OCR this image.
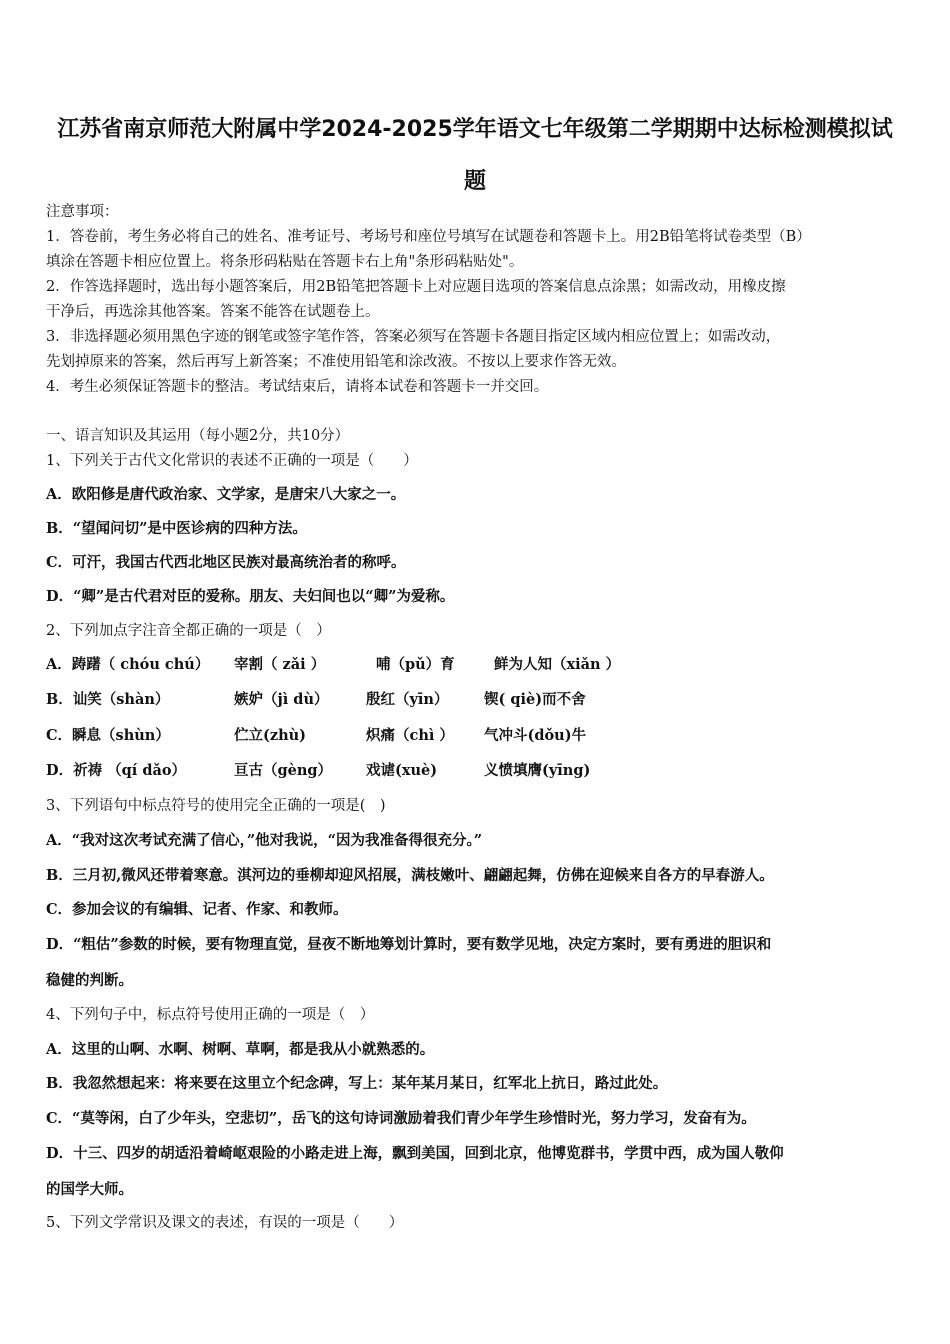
江苏省南京师范大附属中学2024-2025学年语文七年级第二学期期中达标检测模拟试
题
注意事项：
1．答卷前，考生务必将自己的姓名、准考证号、考场号和座位号填写在试题卷和答题卡上。用2B铅笔将试卷类型（B）
填涂在答题卡相应位置上。将条形码粘贴在答题卡右上角"条形码粘贴处"。
2．作答选择题时，选出每小题答案后，用2B铅笔把答题卡上对应题目选项的答案信息点涂黑；如需改动，用橡皮擦
干净后，再选涂其他答案。答案不能答在试题卷上。
3．非选择题必须用黑色字迹的钢笔或签字笔作答，答案必须写在答题卡各题目指定区域内相应位置上；如需改动，
先划掉原来的答案，然后再写上新答案；不准使用铅笔和涂改液。不按以上要求作答无效。
4．考生必须保证答题卡的整洁。考试结束后，请将本试卷和答题卡一并交回。
一、语言知识及其运用（每小题2分，共10分）
1、下列关于古代文化常识的表述不正确的一项是（　　）
A．欧阳修是唐代政治家、文学家，是唐宋八大家之一。
B．“望闻问切”是中医诊病的四种方法。
C．可汗，我国古代西北地区民族对最高统治者的称呼。
D．“卿”是古代君对臣的爱称。朋友、夫妇间也以“卿”为爱称。
2、下列加点字注音全都正确的一项是（　）
A．踌躇（ chóu chú） 宰割（ zǎi ）	哺（pǔ）育	鲜为人知（xiǎn ）
B．讪笑（shàn）	嫉妒（jì dù）	殷红（yīn） 锲( qiè)而不舍
C．瞬息（shùn）	伫立(zhù)	炽痛（chì ） 气冲斗(dǒu)牛
D．祈祷 （qí dǎo）	亘古（gèng） 戏谑(xuè)	义愤填膺(yīng)
3、下列语句中标点符号的使用完全正确的一项是(　)
A．“我对这次考试充满了信心，”他对我说，“因为我准备得很充分。”
B．三月初,微风还带着寒意。淇河边的垂柳却迎风招展，满枝嫩叶、翩翩起舞，仿佛在迎候来自各方的早春游人。
C．参加会议的有编辑、记者、作家、和教师。
D．“粗估”参数的时候，要有物理直觉，昼夜不断地筹划计算时，要有数学见地，决定方案时，要有勇进的胆识和
稳健的判断。
4、下列句子中，标点符号使用正确的一项是（　）
A．这里的山啊、水啊、树啊、草啊，都是我从小就熟悉的。
B．我忽然想起来：将来要在这里立个纪念碑，写上：某年某月某日，红军北上抗日，路过此处。
C．“莫等闲，白了少年头，空悲切”，岳飞的这句诗词激励着我们青少年学生珍惜时光，努力学习，发奋有为。
D．十三、四岁的胡适沿着崎岖艰险的小路走进上海，飘到美国，回到北京，他博览群书，学贯中西，成为国人敬仰
的国学大师。
5、下列文学常识及课文的表述，有误的一项是（　　）
